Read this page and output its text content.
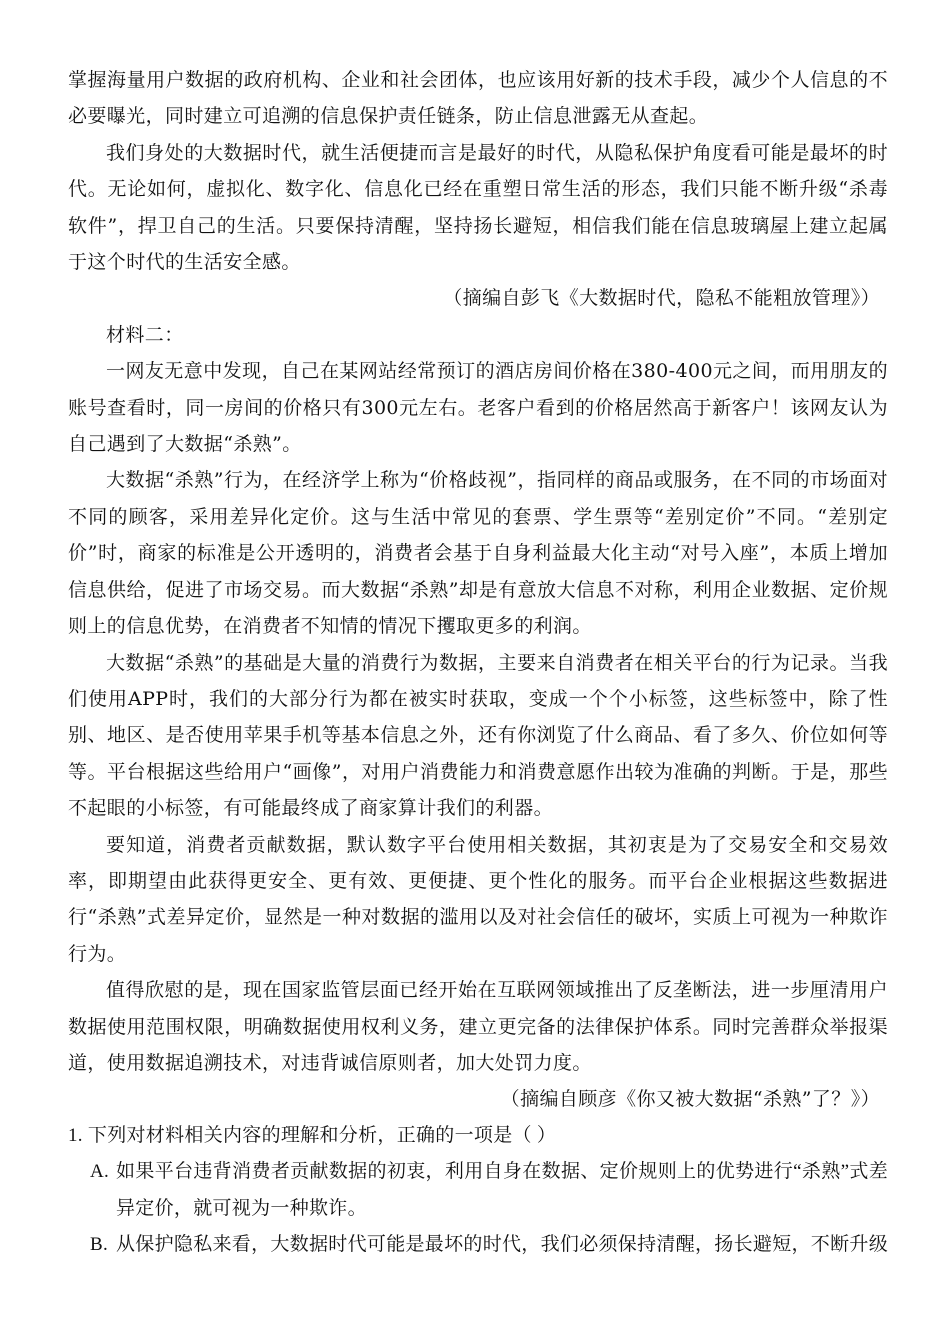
掌握海量用户数据的政府机构、企业和社会团体，也应该用好新的技术手段，减少个人信息的不必要曝光，同时建立可追溯的信息保护责任链条，防止信息泄露无从查起。

我们身处的大数据时代，就生活便捷而言是最好的时代，从隐私保护角度看可能是最坏的时代。无论如何，虚拟化、数字化、信息化已经在重塑日常生活的形态，我们只能不断升级“杀毒软件”，捍卫自己的生活。只要保持清醒，坚持扬长避短，相信我们能在信息玻璃屋上建立起属于这个时代的生活安全感。

（摘编自彭飞《大数据时代，隐私不能粗放管理》）

材料二：

一网友无意中发现，自己在某网站经常预订的酒店房间价格在380-400元之间，而用朋友的账号查看时，同一房间的价格只有300元左右。老客户看到的价格居然高于新客户！该网友认为自己遇到了大数据“杀熟”。

大数据“杀熟”行为，在经济学上称为“价格歧视”，指同样的商品或服务，在不同的市场面对不同的顾客，采用差异化定价。这与生活中常见的套票、学生票等“差别定价”不同。“差别定价”时，商家的标准是公开透明的，消费者会基于自身利益最大化主动“对号入座”，本质上增加信息供给，促进了市场交易。而大数据“杀熟”却是有意放大信息不对称，利用企业数据、定价规则上的信息优势，在消费者不知情的情况下攫取更多的利润。

大数据“杀熟”的基础是大量的消费行为数据，主要来自消费者在相关平台的行为记录。当我们使用APP时，我们的大部分行为都在被实时获取，变成一个个小标签，这些标签中，除了性别、地区、是否使用苹果手机等基本信息之外，还有你浏览了什么商品、看了多久、价位如何等等。平台根据这些给用户“画像”，对用户消费能力和消费意愿作出较为准确的判断。于是，那些不起眼的小标签，有可能最终成了商家算计我们的利器。

要知道，消费者贡献数据，默认数字平台使用相关数据，其初衷是为了交易安全和交易效率，即期望由此获得更安全、更有效、更便捷、更个性化的服务。而平台企业根据这些数据进行“杀熟”式差异定价，显然是一种对数据的滥用以及对社会信任的破坏，实质上可视为一种欺诈行为。

值得欣慰的是，现在国家监管层面已经开始在互联网领域推出了反垄断法，进一步厘清用户数据使用范围权限，明确数据使用权利义务，建立更完备的法律保护体系。同时完善群众举报渠道，使用数据追溯技术，对违背诚信原则者，加大处罚力度。

（摘编自顾彦《你又被大数据“杀熟”了？》）

1. 下列对材料相关内容的理解和分析，正确的一项是（ ）

A. 如果平台违背消费者贡献数据的初衷，利用自身在数据、定价规则上的优势进行“杀熟”式差异定价，就可视为一种欺诈。

B. 从保护隐私来看，大数据时代可能是最坏的时代，我们必须保持清醒，扬长避短，不断升级
